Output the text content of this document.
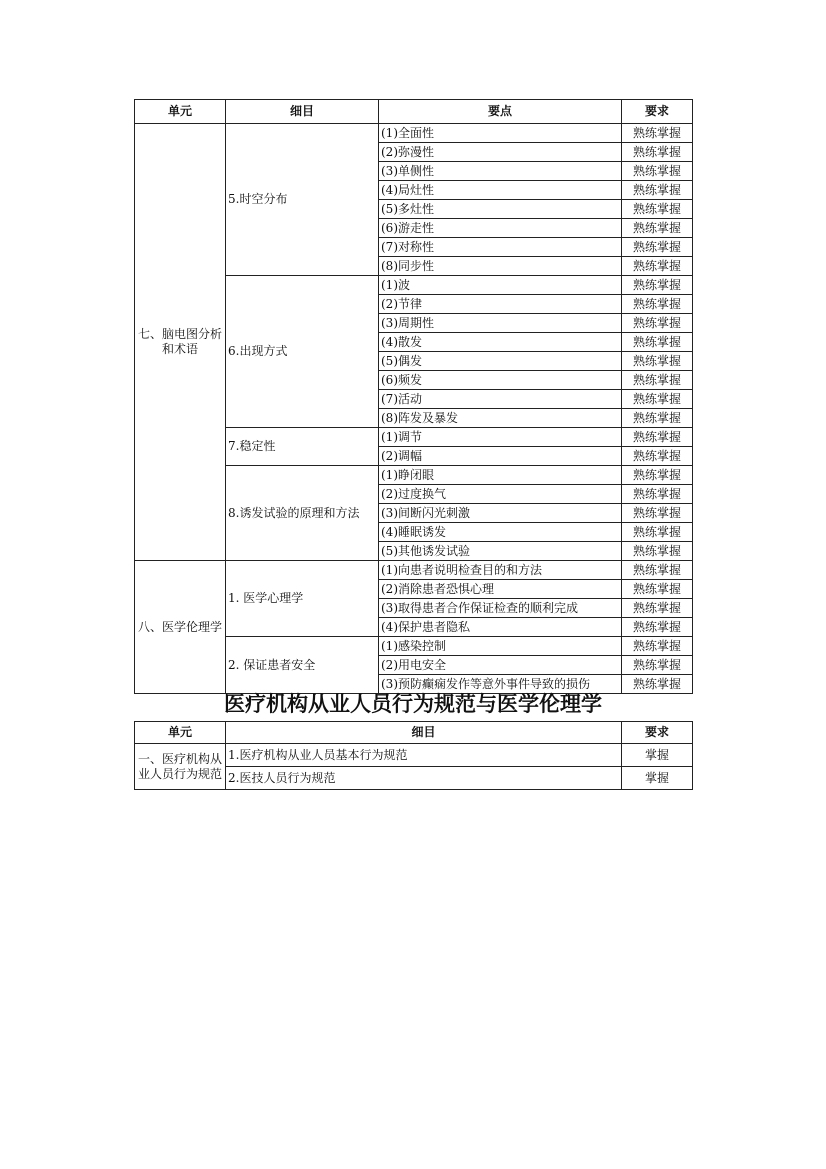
单元	细目	要点	要求
七、脑电图分析和术语	5.时空分布	(1)全面性	熟练掌握
		(2)弥漫性	熟练掌握
		(3)单侧性	熟练掌握
		(4)局灶性	熟练掌握
		(5)多灶性	熟练掌握
		(6)游走性	熟练掌握
		(7)对称性	熟练掌握
		(8)同步性	熟练掌握
	6.出现方式	(1)波	熟练掌握
		(2)节律	熟练掌握
		(3)周期性	熟练掌握
		(4)散发	熟练掌握
		(5)偶发	熟练掌握
		(6)频发	熟练掌握
		(7)活动	熟练掌握
		(8)阵发及暴发	熟练掌握
	7.稳定性	(1)调节	熟练掌握
		(2)调幅	熟练掌握
	8.诱发试验的原理和方法	(1)睁闭眼	熟练掌握
		(2)过度换气	熟练掌握
		(3)间断闪光刺激	熟练掌握
		(4)睡眠诱发	熟练掌握
		(5)其他诱发试验	熟练掌握
八、医学伦理学	1. 医学心理学	(1)向患者说明检查目的和方法	熟练掌握
		(2)消除患者恐惧心理	熟练掌握
		(3)取得患者合作保证检查的顺利完成	熟练掌握
		(4)保护患者隐私	熟练掌握
	2. 保证患者安全	(1)感染控制	熟练掌握
		(2)用电安全	熟练掌握
		(3)预防癫痫发作等意外事件导致的损伤	熟练掌握
医疗机构从业人员行为规范与医学伦理学
单元	细目	要求
一、医疗机构从业人员行为规范	1.医疗机构从业人员基本行为规范	掌握
	2.医技人员行为规范	掌握
